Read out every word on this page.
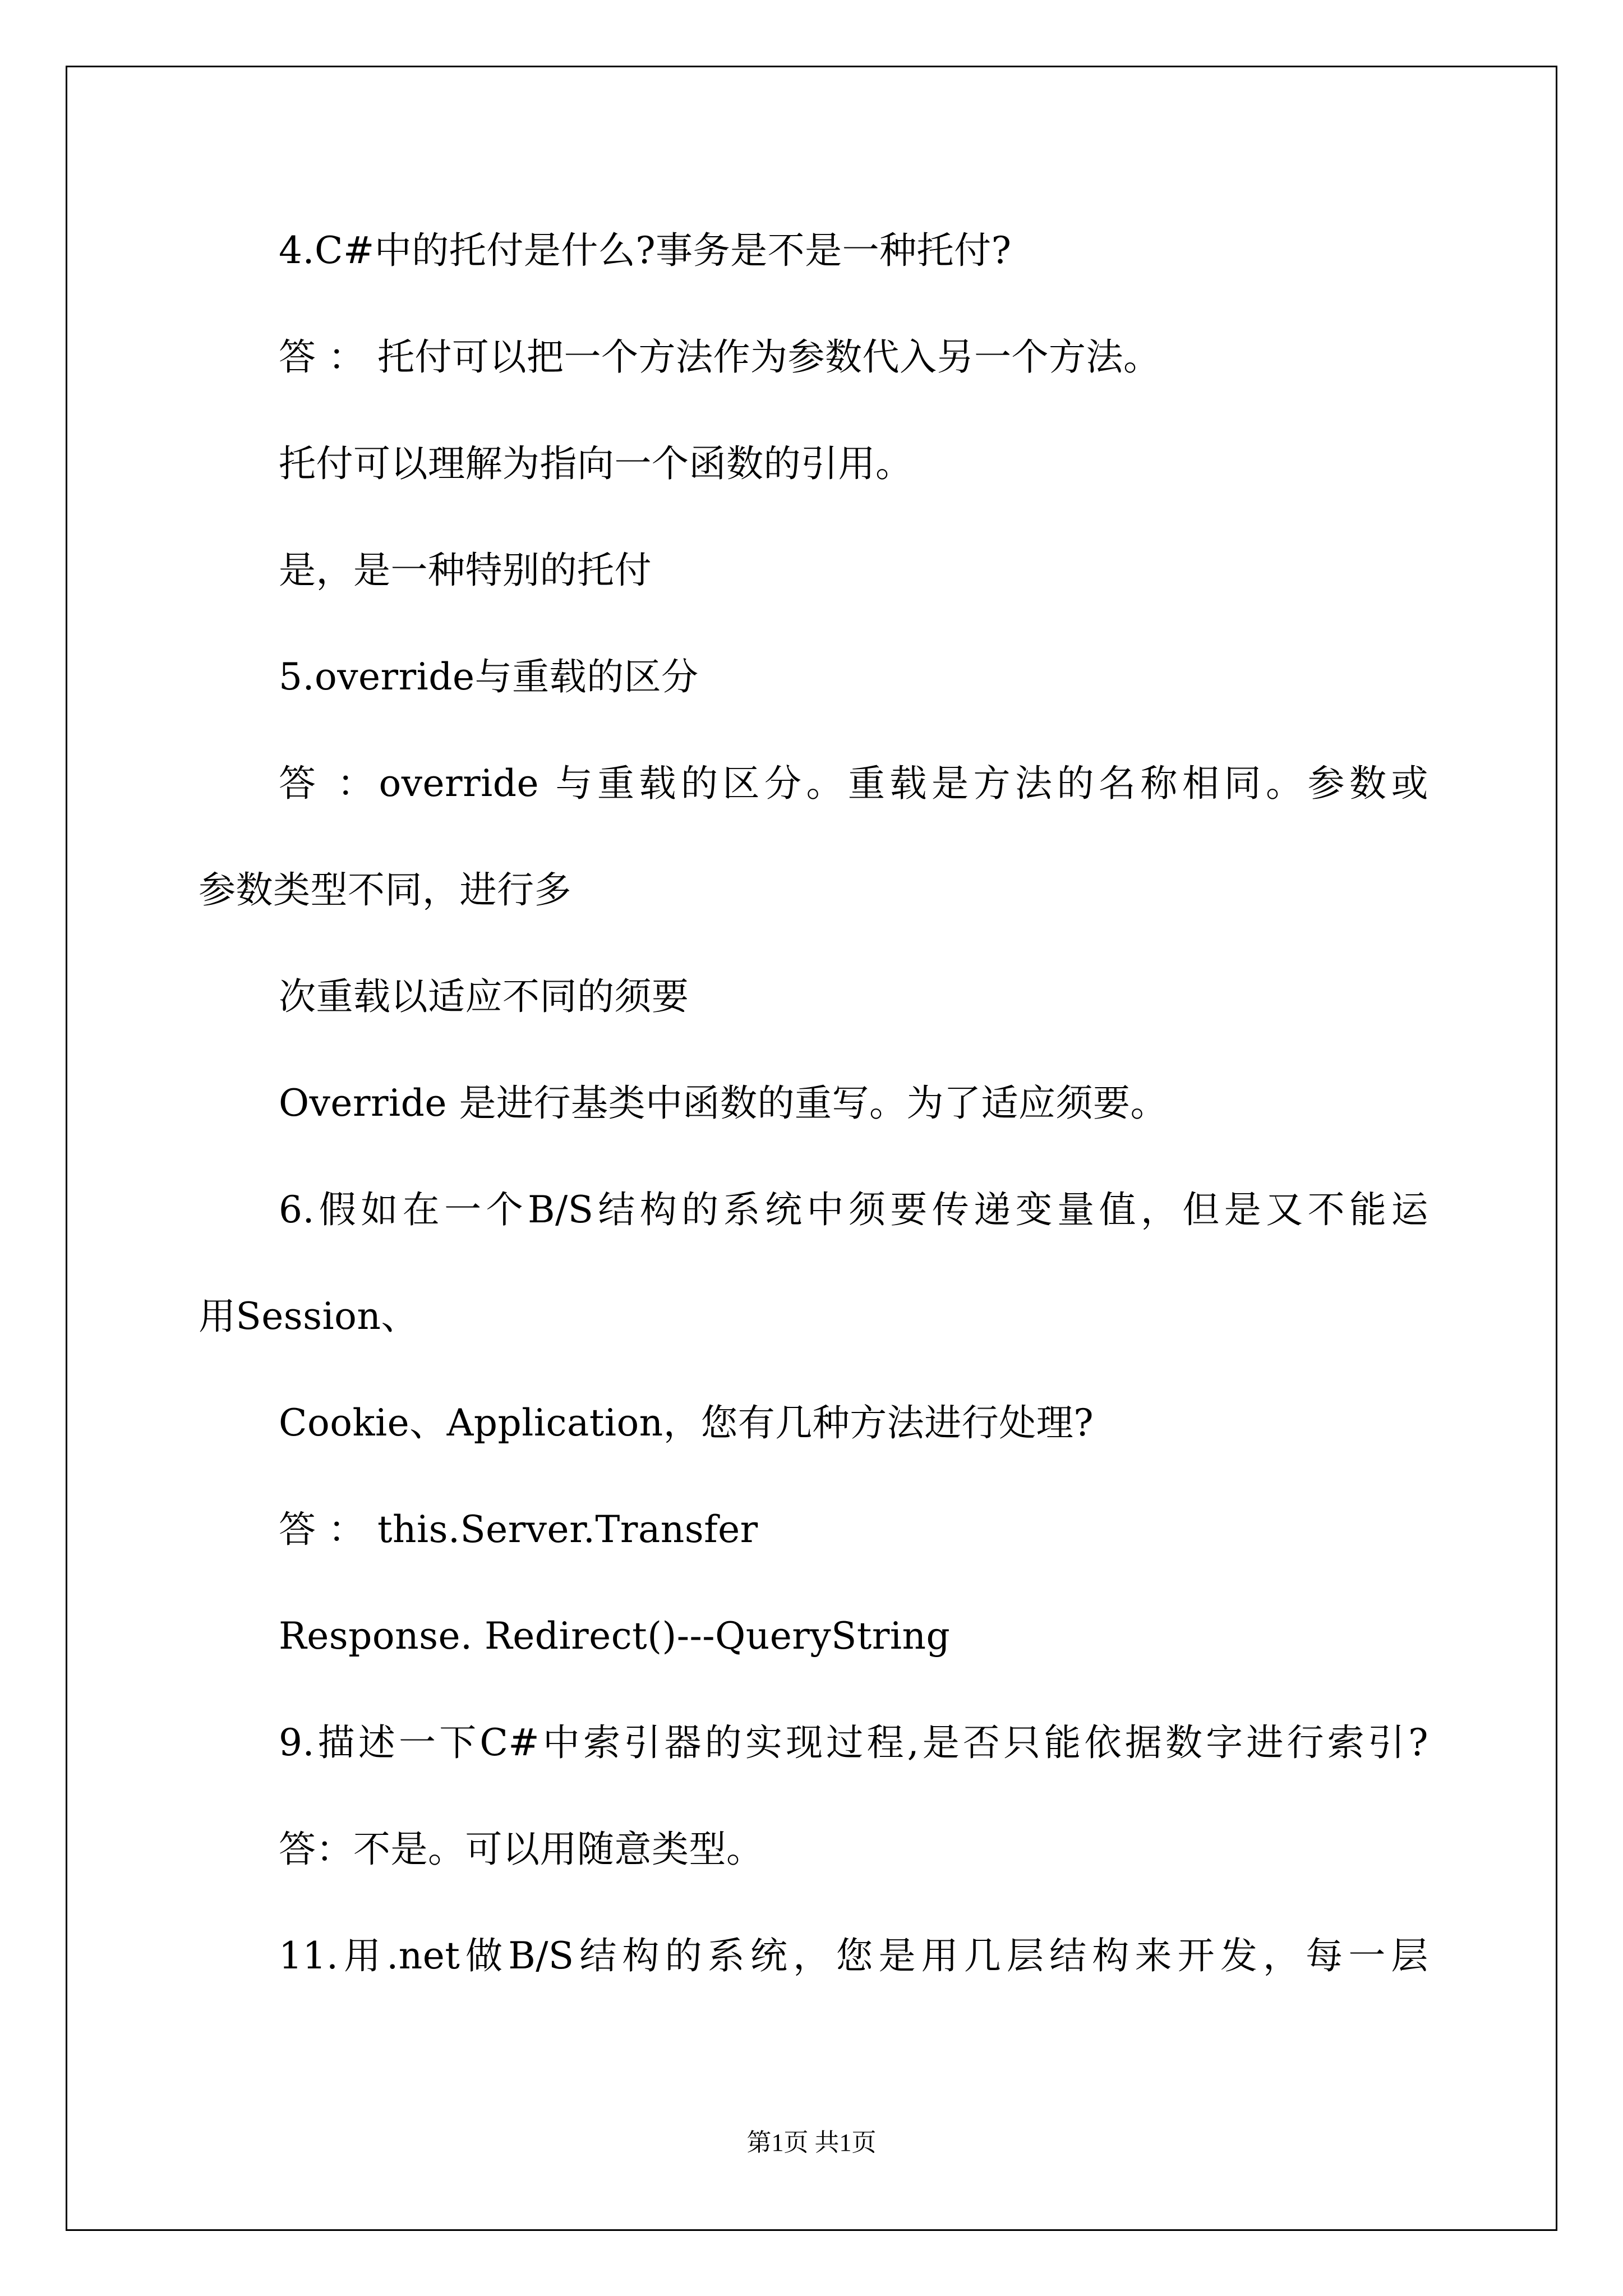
4.C#中的托付是什么?事务是不是一种托付?
答 ： 托付可以把一个方法作为参数代入另一个方法。
托付可以理解为指向一个函数的引用。
是，是一种特别的托付
5.override与重载的区分
答 ：override 与重载的区分。重载是方法的名称相同。参数或
参数类型不同，进行多
次重载以适应不同的须要
Override 是进行基类中函数的重写。为了适应须要。
6.假如在一个B/S结构的系统中须要传递变量值，但是又不能运
用Session、
Cookie、Application，您有几种方法进行处理?
答 ： this.Server.Transfer
Response. Redirect()---QueryString
9.描述一下C#中索引器的实现过程,是否只能依据数字进行索引?
答：不是。可以用随意类型。
11.用.net做B/S结构的系统，您是用几层结构来开发，每一层
第1页 共1页
